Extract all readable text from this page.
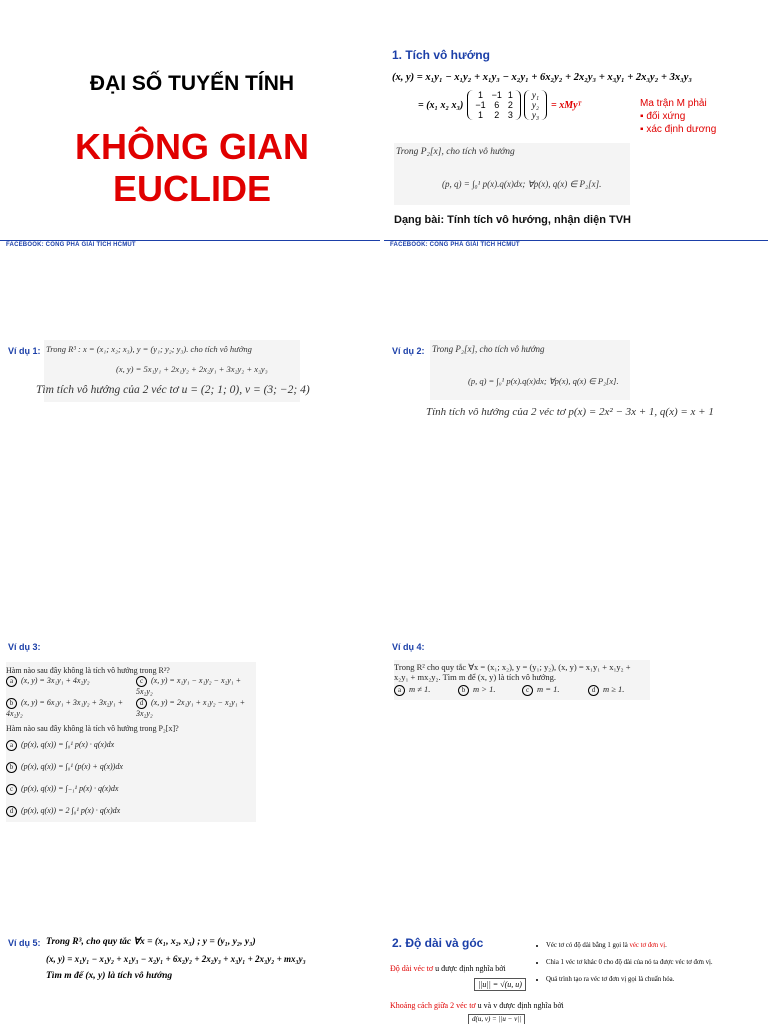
ĐẠI SỐ TUYẾN TÍNH
KHÔNG GIAN EUCLIDE
1. Tích vô hướng
(x, y) = x₁y₁ − x₁y₂ + x₁y₃ − x₂y₁ + 6x₂y₂ + 2x₂y₃ + x₃y₁ + 2x₃y₂ + 3x₃y₃
= (x₁ x₂ x₃)
1	−1	1
−1	6	2
1	2	3
y₁
y₂
y₃
= xMyᵀ	Ma trận M phải
▪ đối xứng
▪ xác định dương
Trong P₂[x], cho tích vô hướng
(p, q) = ∫₀¹ p(x).q(x)dx; ∀p(x), q(x) ∈ P₂[x].
Dạng bài: Tính tích vô hướng, nhận diện TVH
FACEBOOK: CÔNG PHÁ GIẢI TÍCH HCMUT	FACEBOOK: CÔNG PHÁ GIẢI TÍCH HCMUT
Ví dụ 1: Trong R³ : x = (x₁; x₂; x₃), y = (y₁; y₂; y₃). cho tích vô hướng
(x, y) = 5x₁y₁ + 2x₁y₂ + 2x₂y₁ + 3x₂y₂ + x₃y₃
Tìm tích vô hướng của 2 véc tơ u = (2; 1; 0), v = (3; −2; 4)
Ví dụ 2: Trong P₂[x], cho tích vô hướng
(p, q) = ∫₀¹ p(x).q(x)dx; ∀p(x), q(x) ∈ P₂[x].
Tính tích vô hướng của 2 véc tơ p(x) = 2x² − 3x + 1, q(x) = x + 1
Ví dụ 3:
Hàm nào sau đây không là tích vô hướng trong R²?
a (x, y) = 3x₁y₁ + 4x₂y₂	c (x, y) = x₁y₁ − x₁y₂ − x₂y₁ + 5x₂y₂
b (x, y) = 6x₁y₁ + 3x₁y₂ + 3x₂y₁ + 4x₂y₂
d (x, y) = 2x₁y₁ + x₁y₂ − x₂y₁ + 3x₂y₂
Hàm nào sau đây không là tích vô hướng trong P₂[x]?
a (p(x), q(x)) = ∫₀¹ p(x) · q(x)dx
b (p(x), q(x)) = ∫₀¹ (p(x) + q(x))dx
c (p(x), q(x)) = ∫₋₁¹ p(x) · q(x)dx
d (p(x), q(x)) = 2 ∫₀¹ p(x) · q(x)dx
Ví dụ 4:
Trong R² cho quy tắc ∀x = (x₁; x₂), y = (y₁; y₂), (x, y) = x₁y₁ + x₁y₂ +
x₂y₁ + mx₂y₂. Tìm m để (x, y) là tích vô hướng.
a m ≠ 1.	b m > 1.	c m = 1.	d m ≥ 1.
Ví dụ 5: Trong R³, cho quy tắc ∀x = (x₁, x₂, x₃) ; y = (y₁, y₂, y₃)
(x, y) = x₁y₁ − x₁y₂ + x₁y₃ − x₂y₁ + 6x₂y₂ + 2x₂y₃ + x₃y₁ + 2x₃y₂ + mx₃y₃
Tìm m để (x, y) là tích vô hướng
2. Độ dài và góc
Độ dài véc tơ u được định nghĩa bởi
||u|| = √(u, u)
Khoảng cách giữa 2 véc tơ u và v được định nghĩa bởi
d(u, v) = ||u − v||
• Véc tơ có độ dài bằng 1 gọi là véc tơ đơn vị.
• Chia 1 véc tơ khác 0 cho độ dài của nó ta được véc tơ đơn vị.
• Quá trình tạo ra véc tơ đơn vị gọi là chuẩn hóa.
